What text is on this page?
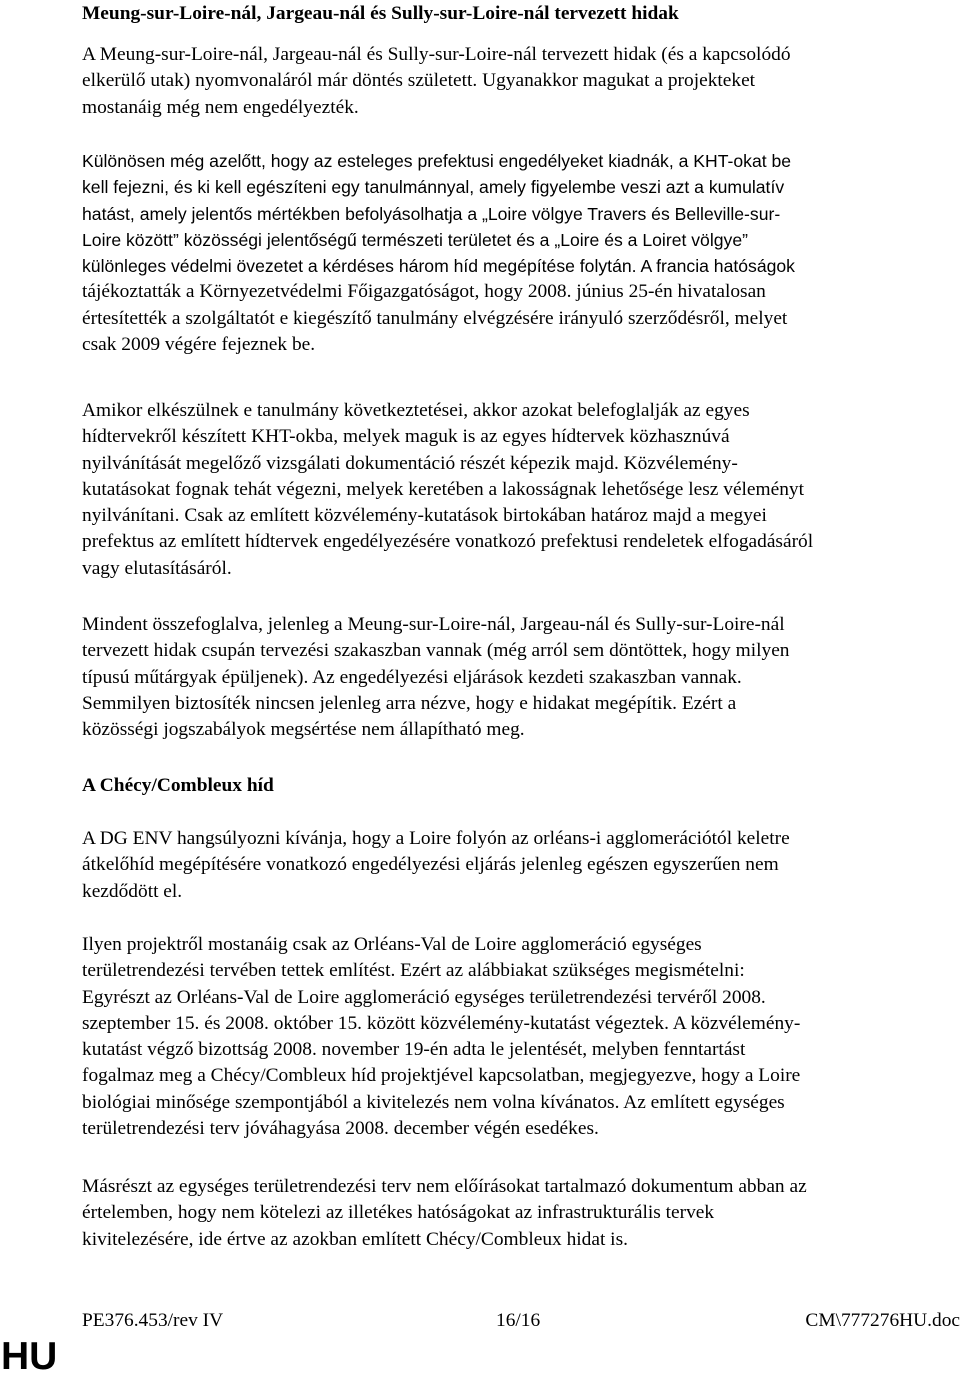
Meung-sur-Loire-nál, Jargeau-nál és Sully-sur-Loire-nál tervezett hidak

A Meung-sur-Loire-nál, Jargeau-nál és Sully-sur-Loire-nál tervezett hidak (és a kapcsolódó
elkerülő utak) nyomvonaláról már döntés született. Ugyanakkor magukat a projekteket
mostanáig még nem engedélyezték.

Különösen még azelőtt, hogy az esteleges prefektusi engedélyeket kiadnák, a KHT-okat be
kell fejezni, és ki kell egészíteni egy tanulmánnyal, amely figyelembe veszi azt a kumulatív
hatást, amely jelentős mértékben befolyásolhatja a „Loire völgye Travers és Belleville-sur-
Loire között” közösségi jelentőségű természeti területet és a „Loire és a Loiret völgye”
különleges védelmi övezetet a kérdéses három híd megépítése folytán. A francia hatóságok
tájékoztatták a Környezetvédelmi Főigazgatóságot, hogy 2008. június 25-én hivatalosan
értesítették a szolgáltatót e kiegészítő tanulmány elvégzésére irányuló szerződésről, melyet
csak 2009 végére fejeznek be.

Amikor elkészülnek e tanulmány következtetései, akkor azokat belefoglalják az egyes
hídtervekről készített KHT-okba, melyek maguk is az egyes hídtervek közhasznúvá
nyilvánítását megelőző vizsgálati dokumentáció részét képezik majd. Közvélemény-
kutatásokat fognak tehát végezni, melyek keretében a lakosságnak lehetősége lesz véleményt
nyilvánítani. Csak az említett közvélemény-kutatások birtokában határoz majd a megyei
prefektus az említett hídtervek engedélyezésére vonatkozó prefektusi rendeletek elfogadásáról
vagy elutasításáról.

Mindent összefoglalva, jelenleg a Meung-sur-Loire-nál, Jargeau-nál és Sully-sur-Loire-nál
tervezett hidak csupán tervezési szakaszban vannak (még arról sem döntöttek, hogy milyen
típusú műtárgyak épüljenek). Az engedélyezési eljárások kezdeti szakaszban vannak.
Semmilyen biztosíték nincsen jelenleg arra nézve, hogy e hidakat megépítik. Ezért a
közösségi jogszabályok megsértése nem állapítható meg.

A Chécy/Combleux híd

A DG ENV hangsúlyozni kívánja, hogy a Loire folyón az orléans-i agglomerációtól keletre
átkelőhíd megépítésére vonatkozó engedélyezési eljárás jelenleg egészen egyszerűen nem
kezdődött el.

Ilyen projektről mostanáig csak az Orléans-Val de Loire agglomeráció egységes
területrendezési tervében tettek említést. Ezért az alábbiakat szükséges megismételni:
Egyrészt az Orléans-Val de Loire agglomeráció egységes területrendezési tervéről 2008.
szeptember 15. és 2008. október 15. között közvélemény-kutatást végeztek. A közvélemény-
kutatást végző bizottság 2008. november 19-én adta le jelentését, melyben fenntartást
fogalmaz meg a Chécy/Combleux híd projektjével kapcsolatban, megjegyezve, hogy a Loire
biológiai minősége szempontjából a kivitelezés nem volna kívánatos. Az említett egységes
területrendezési terv jóváhagyása 2008. december végén esedékes.

Másrészt az egységes területrendezési terv nem előírásokat tartalmazó dokumentum abban az
értelemben, hogy nem kötelezi az illetékes hatóságokat az infrastrukturális tervek
kivitelezésére, ide értve az azokban említett Chécy/Combleux hidat is.

PE376.453/rev IV	16/16	CM\777276HU.doc
HU
